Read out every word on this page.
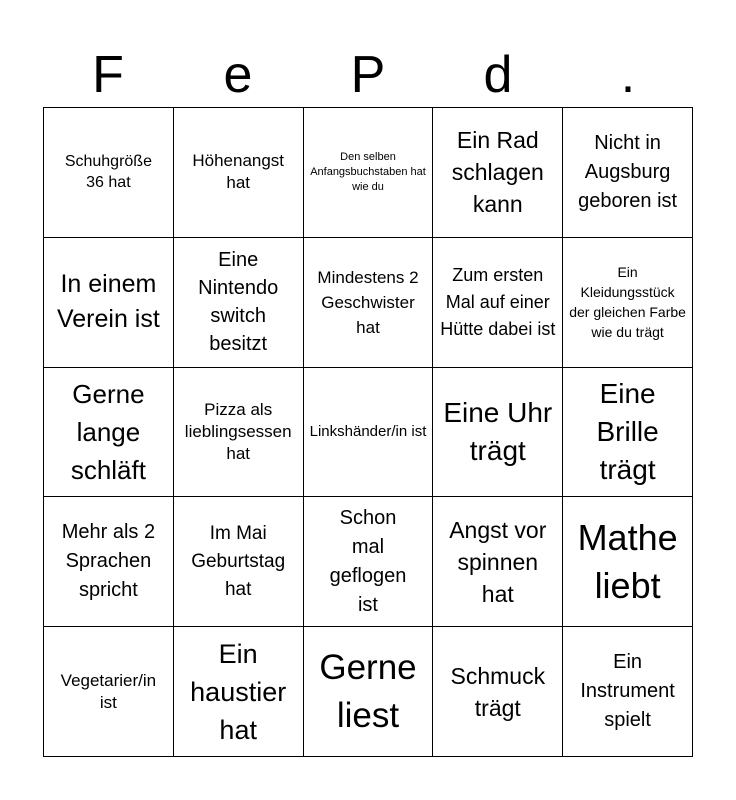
F	e	P	d	.
Schuhgröße 36 hat
Höhenangst hat
Den selben Anfangsbuchstaben hat wie du
Ein Rad schlagen kann
Nicht in Augsburg geboren ist
In einem Verein ist
Eine Nintendo switch besitzt
Mindestens 2 Geschwister hat
Zum ersten Mal auf einer Hütte dabei ist
Ein Kleidungsstück der gleichen Farbe wie du trägt
Gerne lange schläft
Pizza als lieblingsessen hat
Linkshänder/in ist
Eine Uhr trägt
Eine Brille trägt
Mehr als 2 Sprachen spricht
Im Mai Geburtstag hat
Schon mal geflogen ist
Angst vor spinnen hat
Mathe liebt
Vegetarier/in ist
Ein haustier hat
Gerne liest
Schmuck trägt
Ein Instrument spielt
